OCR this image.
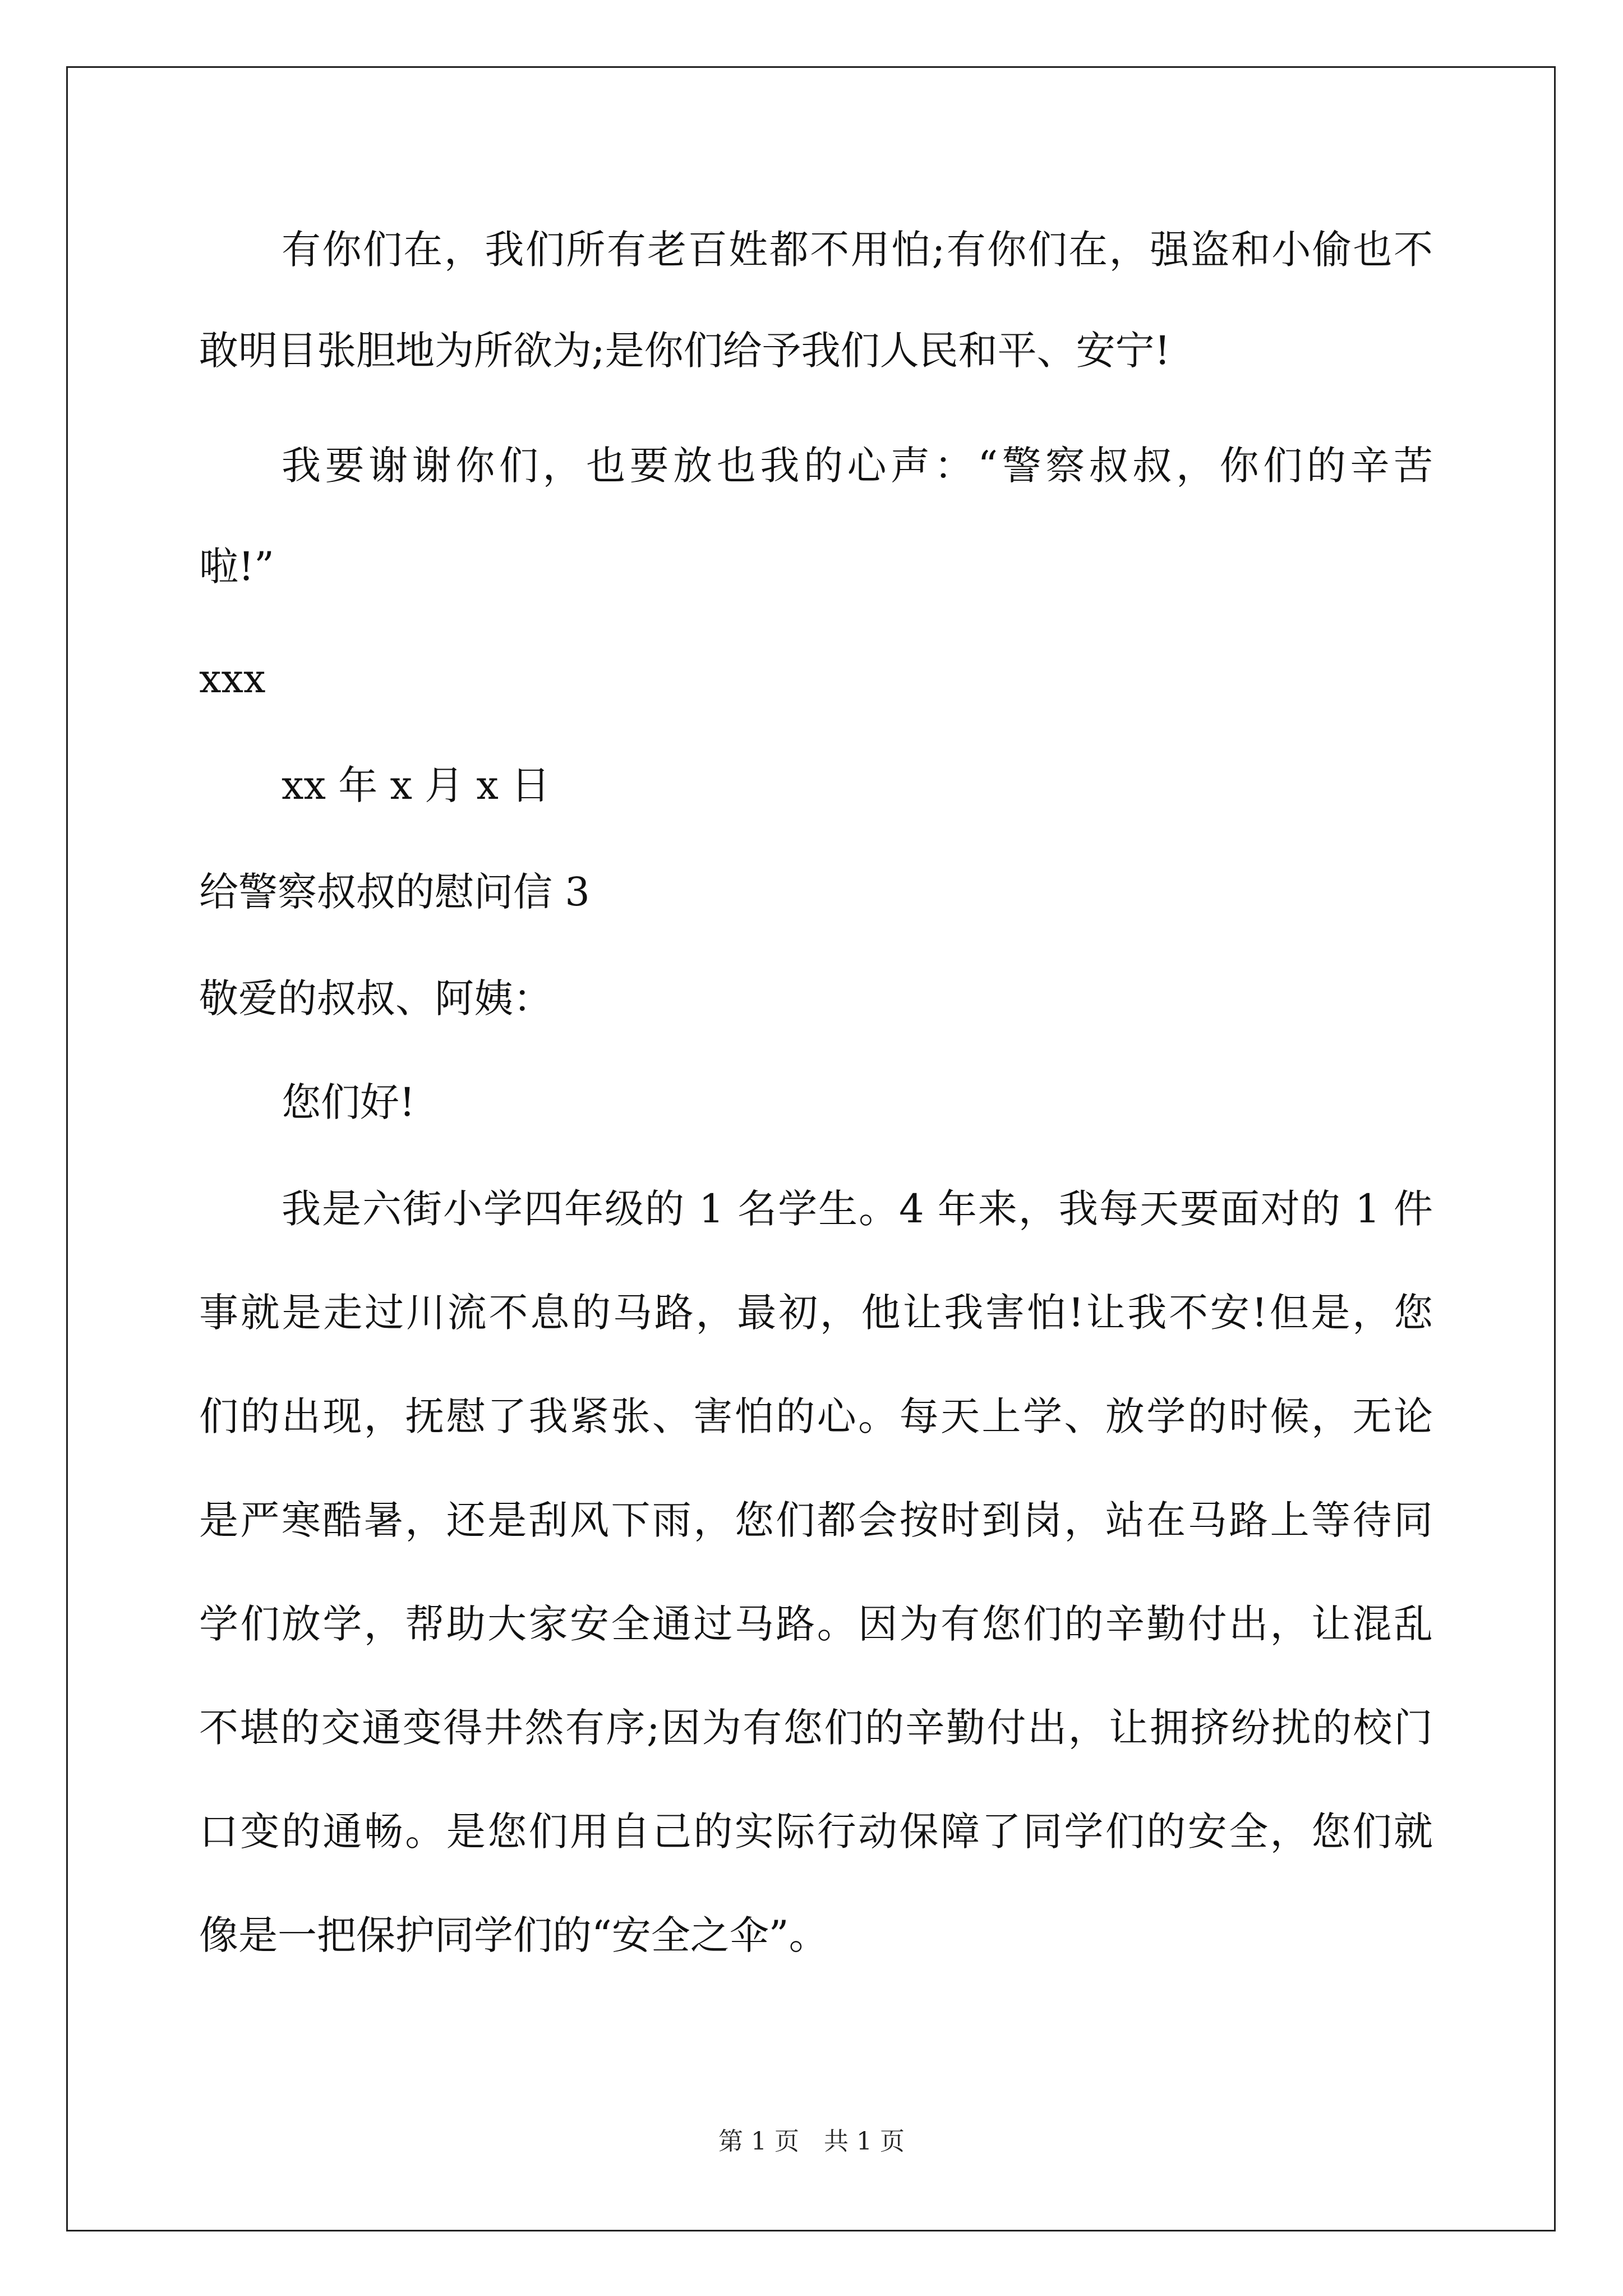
有你们在，我们所有老百姓都不用怕;有你们在，强盗和小偷也不
敢明目张胆地为所欲为;是你们给予我们人民和平、安宁!
我要谢谢你们，也要放也我的心声：“警察叔叔，你们的辛苦
啦!”
xxx
xx 年 x 月 x 日
给警察叔叔的慰问信 3
敬爱的叔叔、阿姨：
您们好!
我是六街小学四年级的 1 名学生。4 年来，我每天要面对的 1 件
事就是走过川流不息的马路，最初，他让我害怕!让我不安!但是，您
们的出现，抚慰了我紧张、害怕的心。每天上学、放学的时候，无论
是严寒酷暑，还是刮风下雨，您们都会按时到岗，站在马路上等待同
学们放学，帮助大家安全通过马路。因为有您们的辛勤付出，让混乱
不堪的交通变得井然有序;因为有您们的辛勤付出，让拥挤纷扰的校门
口变的通畅。是您们用自己的实际行动保障了同学们的安全，您们就
像是一把保护同学们的“安全之伞”。
第 1 页　共 1 页
